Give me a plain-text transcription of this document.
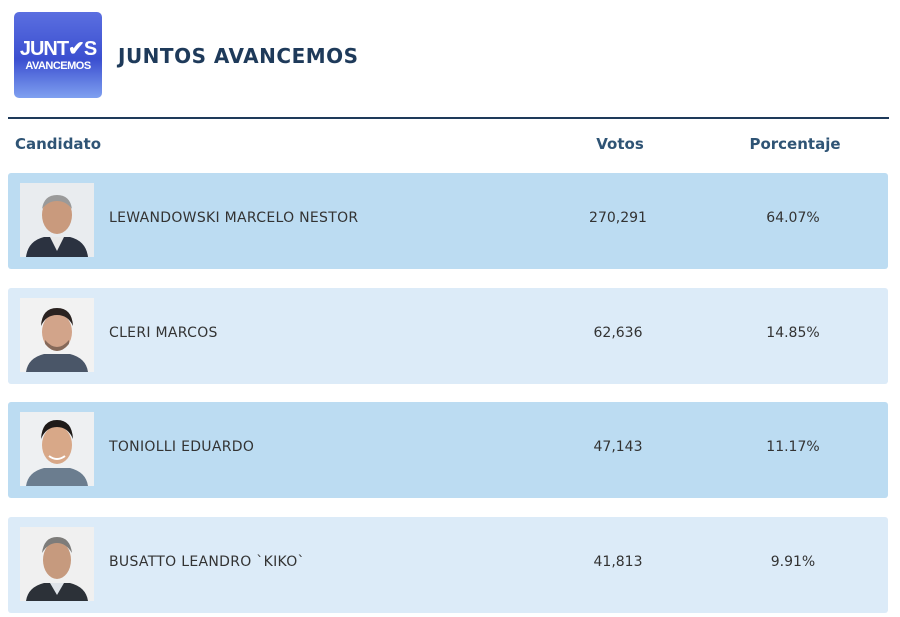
JUNT✔S
AVANCEMOS JUNTOS AVANCEMOS
Candidato	Votos	Porcentaje
LEWANDOWSKI MARCELO NESTOR	270,291	64.07%
CLERI MARCOS	62,636	14.85%
TONIOLLI EDUARDO	47,143	11.17%
BUSATTO LEANDRO `KIKO`	41,813	9.91%
